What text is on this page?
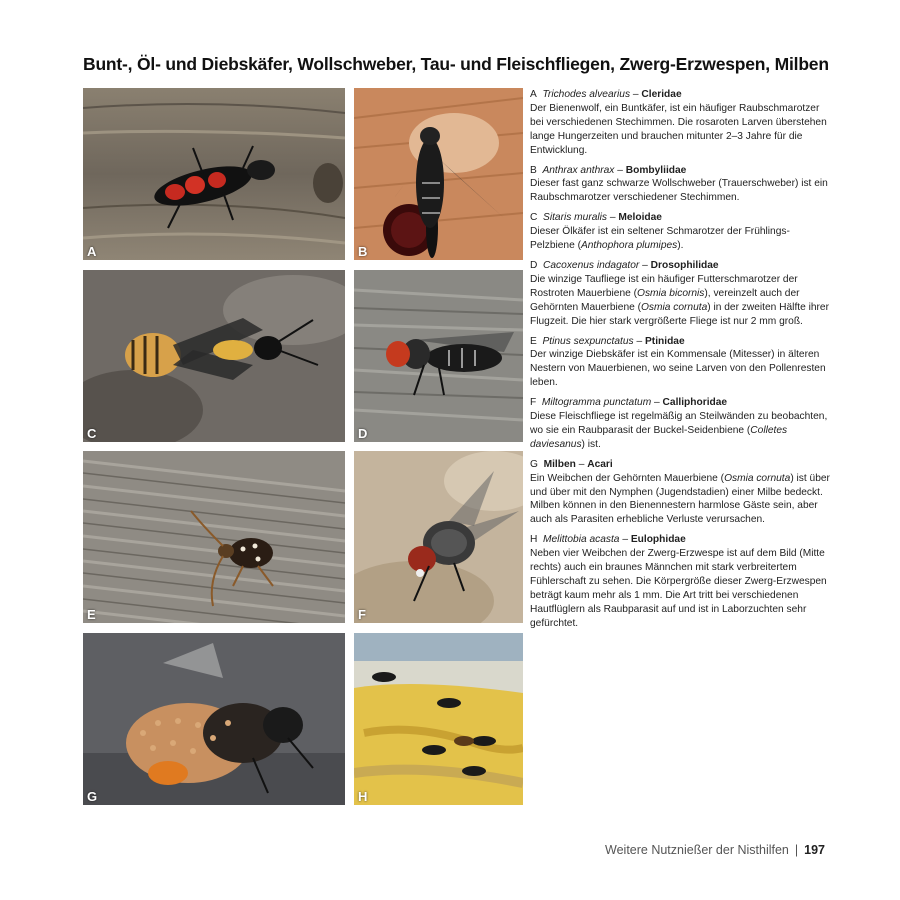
Bunt-, Öl- und Diebskäfer, Wollschweber, Tau- und Fleischfliegen, Zwerg-Erzwespen, Milben
A	B
C	D
E	F
G	H
A Trichodes alvearius – Cleridae
Der Bienenwolf, ein Buntkäfer, ist ein häufiger Raubschmarotzer bei verschiedenen Stechimmen. Die rosaroten Larven überstehen lange Hungerzeiten und brauchen mitunter 2–3 Jahre für die Entwicklung.
B Anthrax anthrax – Bombyliidae
Dieser fast ganz schwarze Wollschweber (Trauerschweber) ist ein Raubschmarotzer verschiedener Stechimmen.
C Sitaris muralis – Meloidae
Dieser Ölkäfer ist ein seltener Schmarotzer der Frühlings-Pelzbiene (Anthophora plumipes).
D Cacoxenus indagator – Drosophilidae
Die winzige Taufliege ist ein häufiger Futterschmarotzer der Rostroten Mauerbiene (Osmia bicornis), vereinzelt auch der Gehörnten Mauerbiene (Osmia cornuta) in der zweiten Hälfte ihrer Flugzeit. Die hier stark vergrößerte Fliege ist nur 2 mm groß.
E Ptinus sexpunctatus – Ptinidae
Der winzige Diebskäfer ist ein Kommensale (Mitesser) in älteren Nestern von Mauerbienen, wo seine Larven von den Pollenresten leben.
F Miltogramma punctatum – Calliphoridae
Diese Fleischfliege ist regelmäßig an Steilwänden zu beobachten, wo sie ein Raubparasit der Buckel-Seidenbiene (Colletes daviesanus) ist.
G Milben – Acari
Ein Weibchen der Gehörnten Mauerbiene (Osmia cornuta) ist über und über mit den Nymphen (Jugendstadien) einer Milbe bedeckt. Milben können in den Bienennestern harmlose Gäste sein, aber auch als Parasiten erhebliche Verluste verursachen.
H Melittobia acasta – Eulophidae
Neben vier Weibchen der Zwerg-Erzwespe ist auf dem Bild (Mitte rechts) auch ein braunes Männchen mit stark verbreitertem Fühlerschaft zu sehen. Die Körpergröße dieser Zwerg-Erzwespen beträgt kaum mehr als 1 mm. Die Art tritt bei verschiedenen Hautflüglern als Raubparasit auf und ist in Laborzuchten sehr gefürchtet.
Weitere Nutznießer der Nisthilfen | 197
